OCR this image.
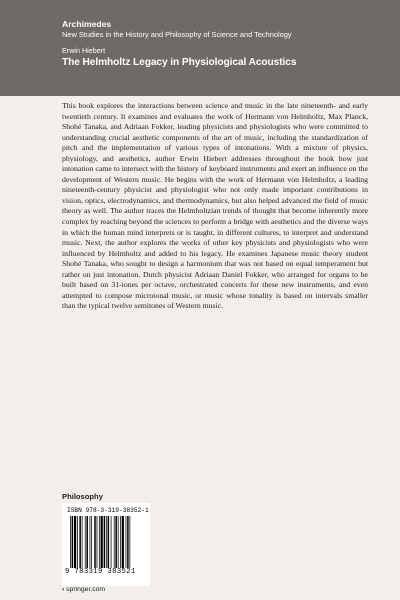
Archimedes
New Studies in the History and Philosophy of Science and Technology
Erwin Hiebert
The Helmholtz Legacy in Physiological Acoustics

This book explores the interactions between science and music in the late nineteenth- and early twentieth century. It examines and evaluates the work of Hermann von Helmholtz, Max Planck, Shohé Tanaka, and Adriaan Fokker, leading physicists and physiologists who were committed to understanding crucial aesthetic components of the art of music, including the standardization of pitch and the implementation of various types of intonations. With a mixture of physics, physiology, and aesthetics, author Erwin Hiebert addresses throughout the book how just intonation came to intersect with the history of keyboard instruments and exert an influence on the development of Western music. He begins with the work of Hermann von Helmholtz, a leading nineteenth-century physicist and physiologist who not only made important contributions in vision, optics, electrodynamics, and thermodynamics, but also helped advanced the field of music theory as well. The author traces the Helmholtzian trends of thought that become inherently more complex by reaching beyond the sciences to perform a bridge with aesthetics and the diverse ways in which the human mind interprets or is taught, in different cultures, to interpret and understand music. Next, the author explores the works of other key physicists and physiologists who were influenced by Helmholtz and added to his legacy. He examines Japanese music theory student Shohé Tanaka, who sought to design a harmonium that was not based on equal temperament but rather on just intonation. Dutch physicist Adriaan Daniel Fokker, who arranged for organs to be built based on 31-tones per octave, orchestrated concerts for these new instruments, and even attempted to compose microtonal music, or music whose tonality is based on intervals smaller than the typical twelve semitones of Western music.

Philosophy
ISBN 978-3-319-38352-1
9 783319 383521
› springer.com
